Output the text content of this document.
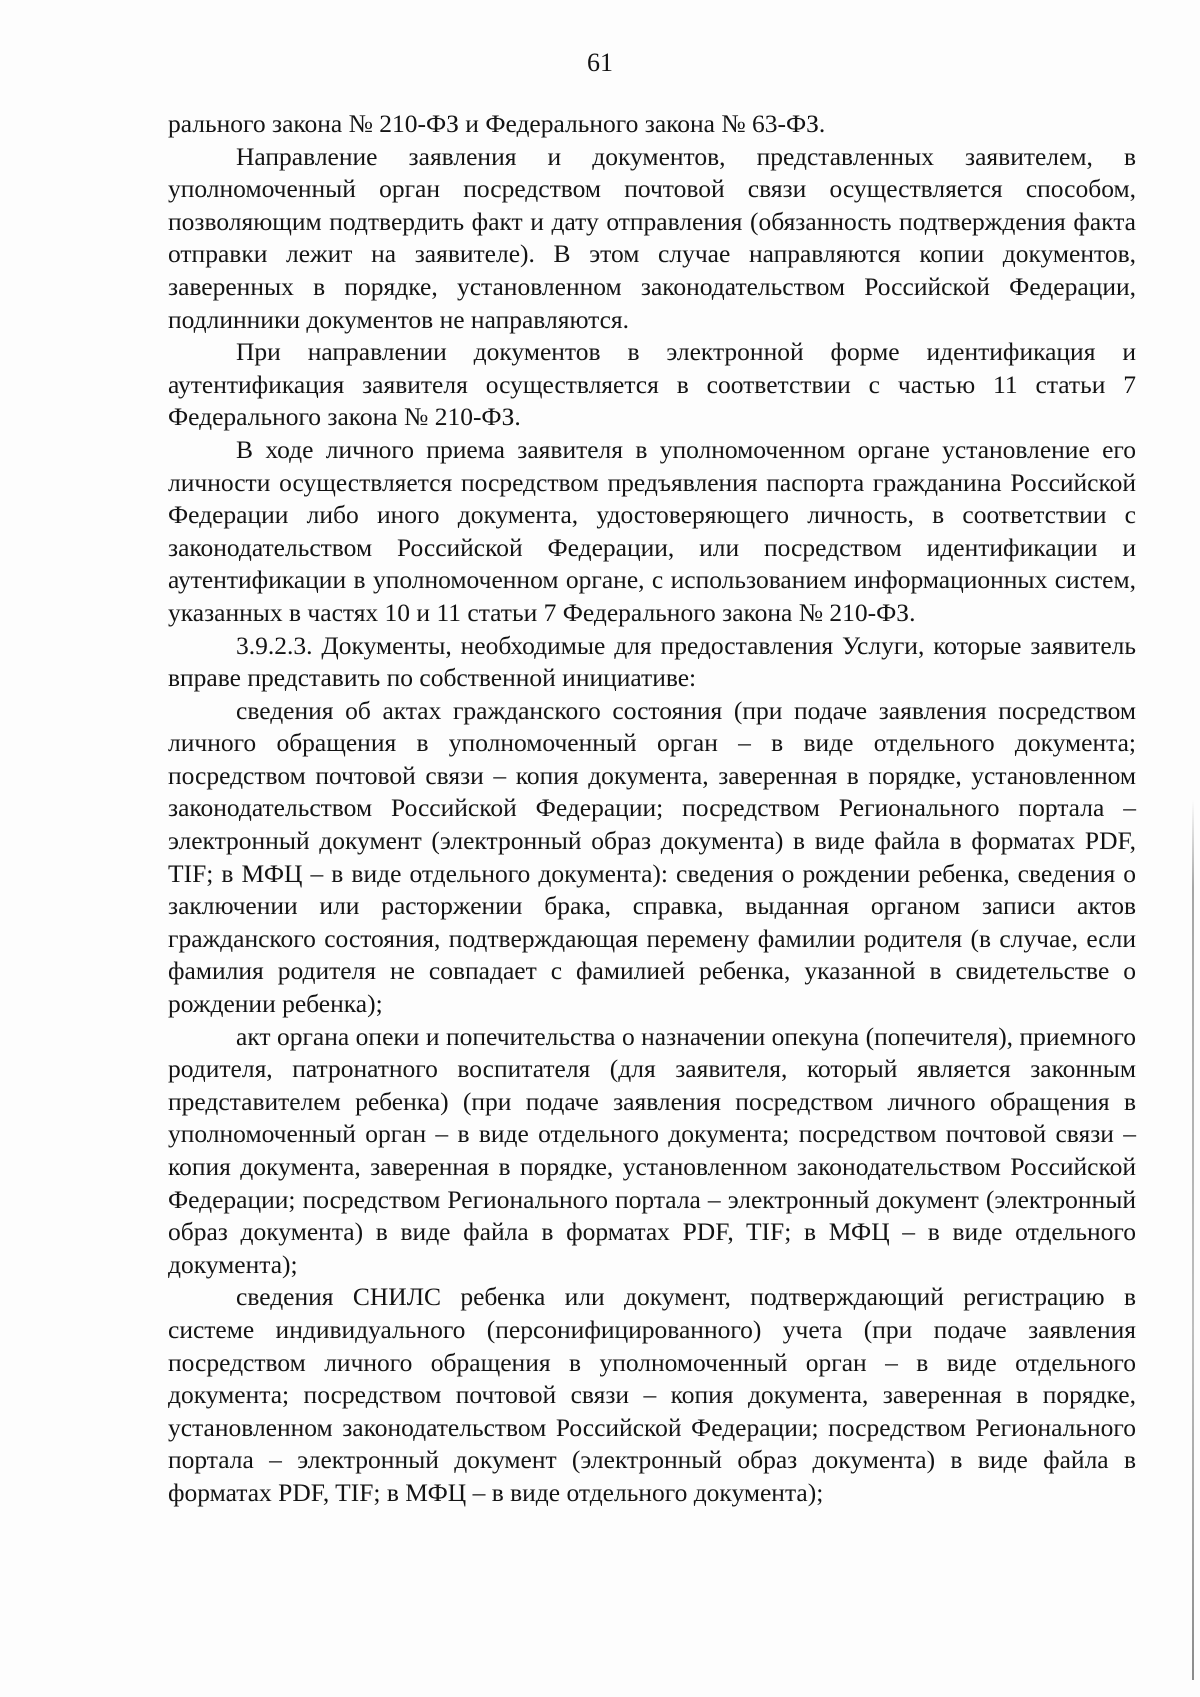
61

рального закона № 210-ФЗ и Федерального закона № 63-ФЗ.

Направление заявления и документов, представленных заявителем, в уполномоченный орган посредством почтовой связи осуществляется способом, позволяющим подтвердить факт и дату отправления (обязанность подтверждения факта отправки лежит на заявителе). В этом случае направляются копии документов, заверенных в порядке, установленном законодательством Российской Федерации, подлинники документов не направляются.

При направлении документов в электронной форме идентификация и аутентификация заявителя осуществляется в соответствии с частью 11 статьи 7 Федерального закона № 210-ФЗ.

В ходе личного приема заявителя в уполномоченном органе установление его личности осуществляется посредством предъявления паспорта гражданина Российской Федерации либо иного документа, удостоверяющего личность, в соответствии с законодательством Российской Федерации, или посредством идентификации и аутентификации в уполномоченном органе, с использованием информационных систем, указанных в частях 10 и 11 статьи 7 Федерального закона № 210-ФЗ.

3.9.2.3. Документы, необходимые для предоставления Услуги, которые заявитель вправе представить по собственной инициативе:

сведения об актах гражданского состояния (при подаче заявления посредством личного обращения в уполномоченный орган – в виде отдельного документа; посредством почтовой связи – копия документа, заверенная в порядке, установленном законодательством Российской Федерации; посредством Регионального портала – электронный документ (электронный образ документа) в виде файла в форматах PDF, TIF; в МФЦ – в виде отдельного документа): сведения о рождении ребенка, сведения о заключении или расторжении брака, справка, выданная органом записи актов гражданского состояния, подтверждающая перемену фамилии родителя (в случае, если фамилия родителя не совпадает с фамилией ребенка, указанной в свидетельстве о рождении ребенка);

акт органа опеки и попечительства о назначении опекуна (попечителя), приемного родителя, патронатного воспитателя (для заявителя, который является законным представителем ребенка) (при подаче заявления посредством личного обращения в уполномоченный орган – в виде отдельного документа; посредством почтовой связи – копия документа, заверенная в порядке, установленном законодательством Российской Федерации; посредством Регионального портала – электронный документ (электронный образ документа) в виде файла в форматах PDF, TIF; в МФЦ – в виде отдельного документа);

сведения СНИЛС ребенка или документ, подтверждающий регистрацию в системе индивидуального (персонифицированного) учета (при подаче заявления посредством личного обращения в уполномоченный орган – в виде отдельного документа; посредством почтовой связи – копия документа, заверенная в порядке, установленном законодательством Российской Федерации; посредством Регионального портала – электронный документ (электронный образ документа) в виде файла в форматах PDF, TIF; в МФЦ – в виде отдельного документа);
